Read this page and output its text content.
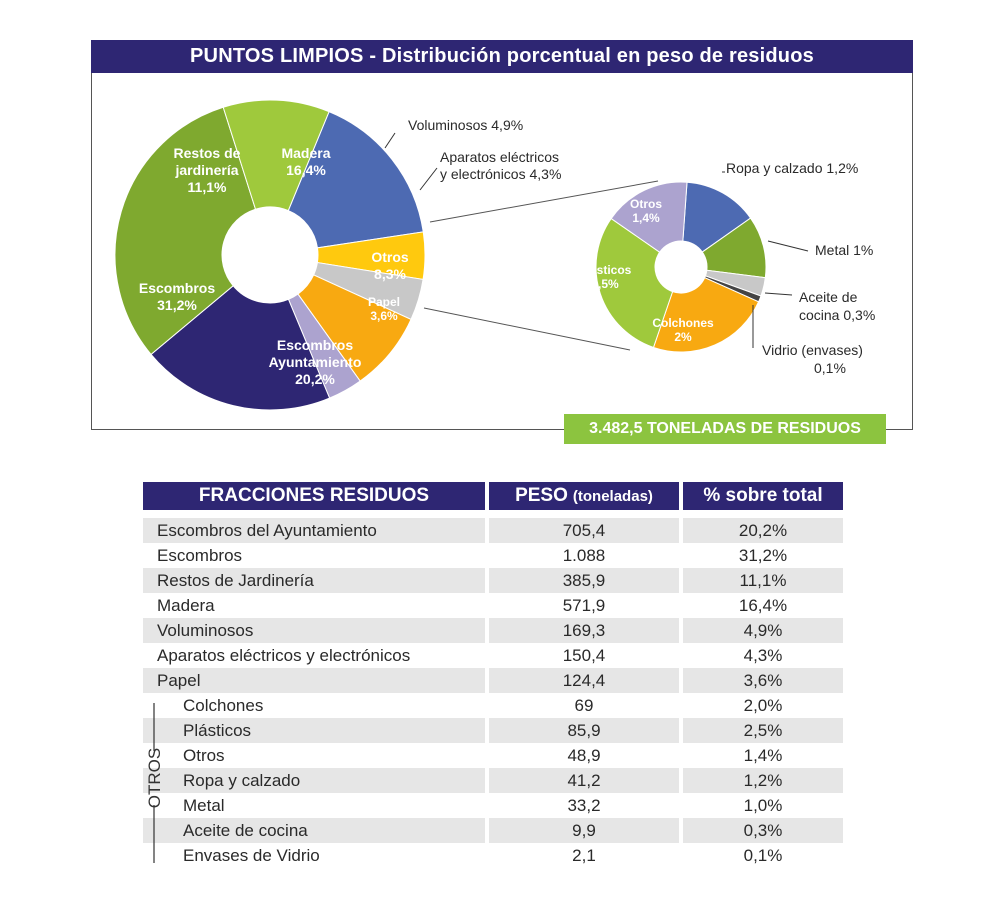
PUNTOS LIMPIOS - Distribución porcentual en peso de residuos
Madera 16,4%
Otros 8,3%
Papel 3,6%
Escombros Ayuntamiento 20,2%
Escombros 31,2%
Restos de jardinería 11,1%
Voluminosos 4,9%
Aparatos eléctricos y electrónicos 4,3%
Colchones 2%
Plásticos 2,5%
Otros 1,4%
Ropa y calzado 1,2%
Metal 1%
Aceite de cocina 0,3%
Vidrio (envases) 0,1%
3.482,5 TONELADAS DE RESIDUOS
FRACCIONES RESIDUOS	PESO (toneladas)	% sobre total
Escombros del Ayuntamiento	705,4	20,2%
Escombros	1.088	31,2%
Restos de Jardinería	385,9	11,1%
Madera	571,9	16,4%
Voluminosos	169,3	4,9%
Aparatos eléctricos y electrónicos	150,4	4,3%
Papel	124,4	3,6%
Colchones	69	2,0%
Plásticos	85,9	2,5%
Otros	48,9	1,4%
Ropa y calzado	41,2	1,2%
Metal	33,2	1,0%
Aceite de cocina	9,9	0,3%
Envases de Vidrio	2,1	0,1%
OTROS
